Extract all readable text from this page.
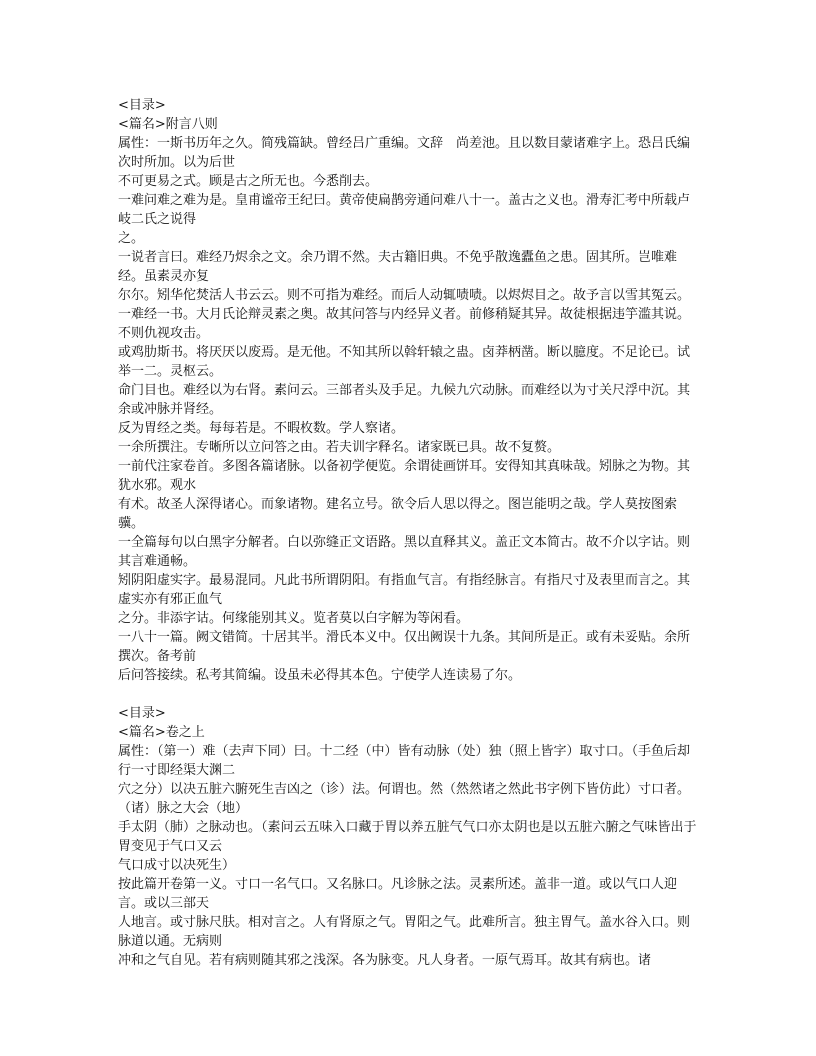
<目录>
<篇名>附言八则
属性：一斯书历年之久。简残篇缺。曾经吕广重编。文辞　尚差池。且以数目蒙诸难字上。恐吕氏编次时所加。以为后世
不可更易之式。顾是古之所无也。今悉削去。
一难问难之难为是。皇甫谧帝王纪曰。黄帝使扁鹊旁通问难八十一。盖古之义也。滑寿汇考中所载卢岐二氏之说得
之。
一说者言曰。难经乃烬余之文。余乃谓不然。夫古籍旧典。不免乎散逸蠹鱼之患。固其所。岂唯难经。虽素灵亦复
尔尔。矧华佗焚活人书云云。则不可指为难经。而后人动辄啧啧。以烬烬目之。故予言以雪其冤云。
一难经一书。大月氏论辩灵素之奥。故其问答与内经异义者。前修稍疑其异。故徒根据违竽滥其说。不则仇视攻击。
或鸡肋斯书。将厌厌以废焉。是无他。不知其所以斡轩辕之蛊。卤莽柄凿。断以臆度。不足论已。试举一二。灵枢云。
命门目也。难经以为右肾。素问云。三部者头及手足。九候九穴动脉。而难经以为寸关尺浮中沉。其余或冲脉并肾经。
反为胃经之类。每每若是。不暇枚数。学人察诸。
一余所撰注。专晰所以立问答之由。若夫训字释名。诸家既已具。故不复赘。
一前代注家卷首。多图各篇诸脉。以备初学便览。余谓徒画饼耳。安得知其真味哉。矧脉之为物。其犹水邪。观水
有术。故圣人深得诸心。而象诸物。建名立号。欲令后人思以得之。图岂能明之哉。学人莫按图索骥。
一全篇每句以白黑字分解者。白以弥缝正文语路。黑以直释其义。盖正文本简古。故不介以字诂。则其言难通畅。
矧阴阳虚实字。最易混同。凡此书所谓阴阳。有指血气言。有指经脉言。有指尺寸及表里而言之。其虚实亦有邪正血气
之分。非添字诂。何缘能别其义。览者莫以白字解为等闲看。
一八十一篇。阙文错简。十居其半。滑氏本义中。仅出阙误十九条。其间所是正。或有未妥贴。余所撰次。备考前
后问答接续。私考其简编。设虽未必得其本色。宁使学人连读易了尔。
<目录>
<篇名>卷之上
属性：（第一）难（去声下同）曰。十二经（中）皆有动脉（处）独（照上皆字）取寸口。（手鱼后却行一寸即经渠大渊二
穴之分）以决五脏六腑死生吉凶之（诊）法。何谓也。然（然然诸之然此书字例下皆仿此）寸口者。（诸）脉之大会（地）
手太阴（肺）之脉动也。（素问云五味入口藏于胃以养五脏气气口亦太阴也是以五脏六腑之气味皆出于胃变见于气口又云
气口成寸以决死生）
按此篇开卷第一义。寸口一名气口。又名脉口。凡诊脉之法。灵素所述。盖非一道。或以气口人迎言。或以三部天
人地言。或寸脉尺肤。相对言之。人有肾原之气。胃阳之气。此难所言。独主胃气。盖水谷入口。则脉道以通。无病则
冲和之气自见。若有病则随其邪之浅深。各为脉变。凡人身者。一原气焉耳。故其有病也。诸
